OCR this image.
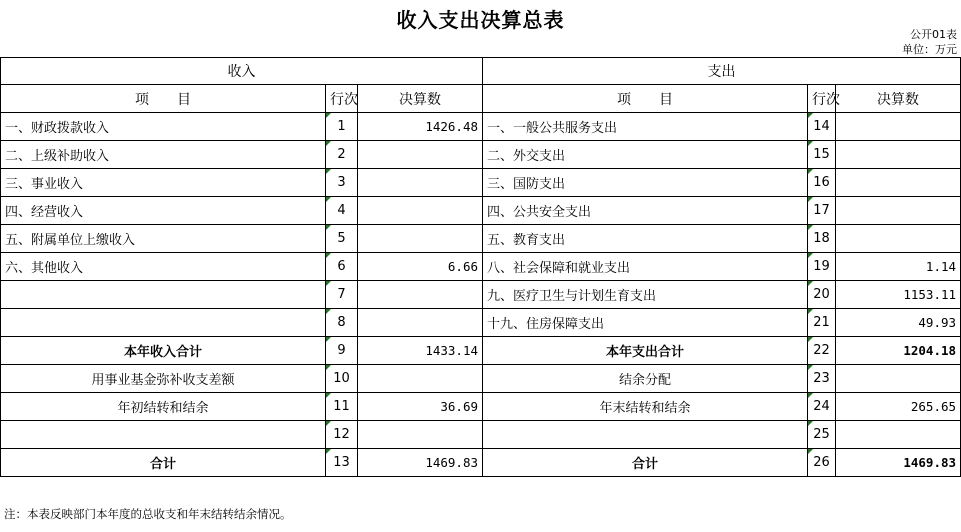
收入支出决算总表
公开01表
单位：万元
收入			支出		
项　　目	行次	决算数	项　　目	行次	决算数
一、财政拨款收入	1	1426.48	一、一般公共服务支出	14	
二、上级补助收入	2		二、外交支出	15	
三、事业收入	3		三、国防支出	16	
四、经营收入	4		四、公共安全支出	17	
五、附属单位上缴收入	5		五、教育支出	18	
六、其他收入	6	6.66	八、社会保障和就业支出	19	1.14
	7		九、医疗卫生与计划生育支出	20	1153.11
	8		十九、住房保障支出	21	49.93
本年收入合计	9	1433.14	本年支出合计	22	1204.18
用事业基金弥补收支差额	10		结余分配	23	
年初结转和结余	11	36.69	年末结转和结余	24	265.65
	12			25	
合计	13	1469.83	合计	26	1469.83
注：本表反映部门本年度的总收支和年末结转结余情况。
